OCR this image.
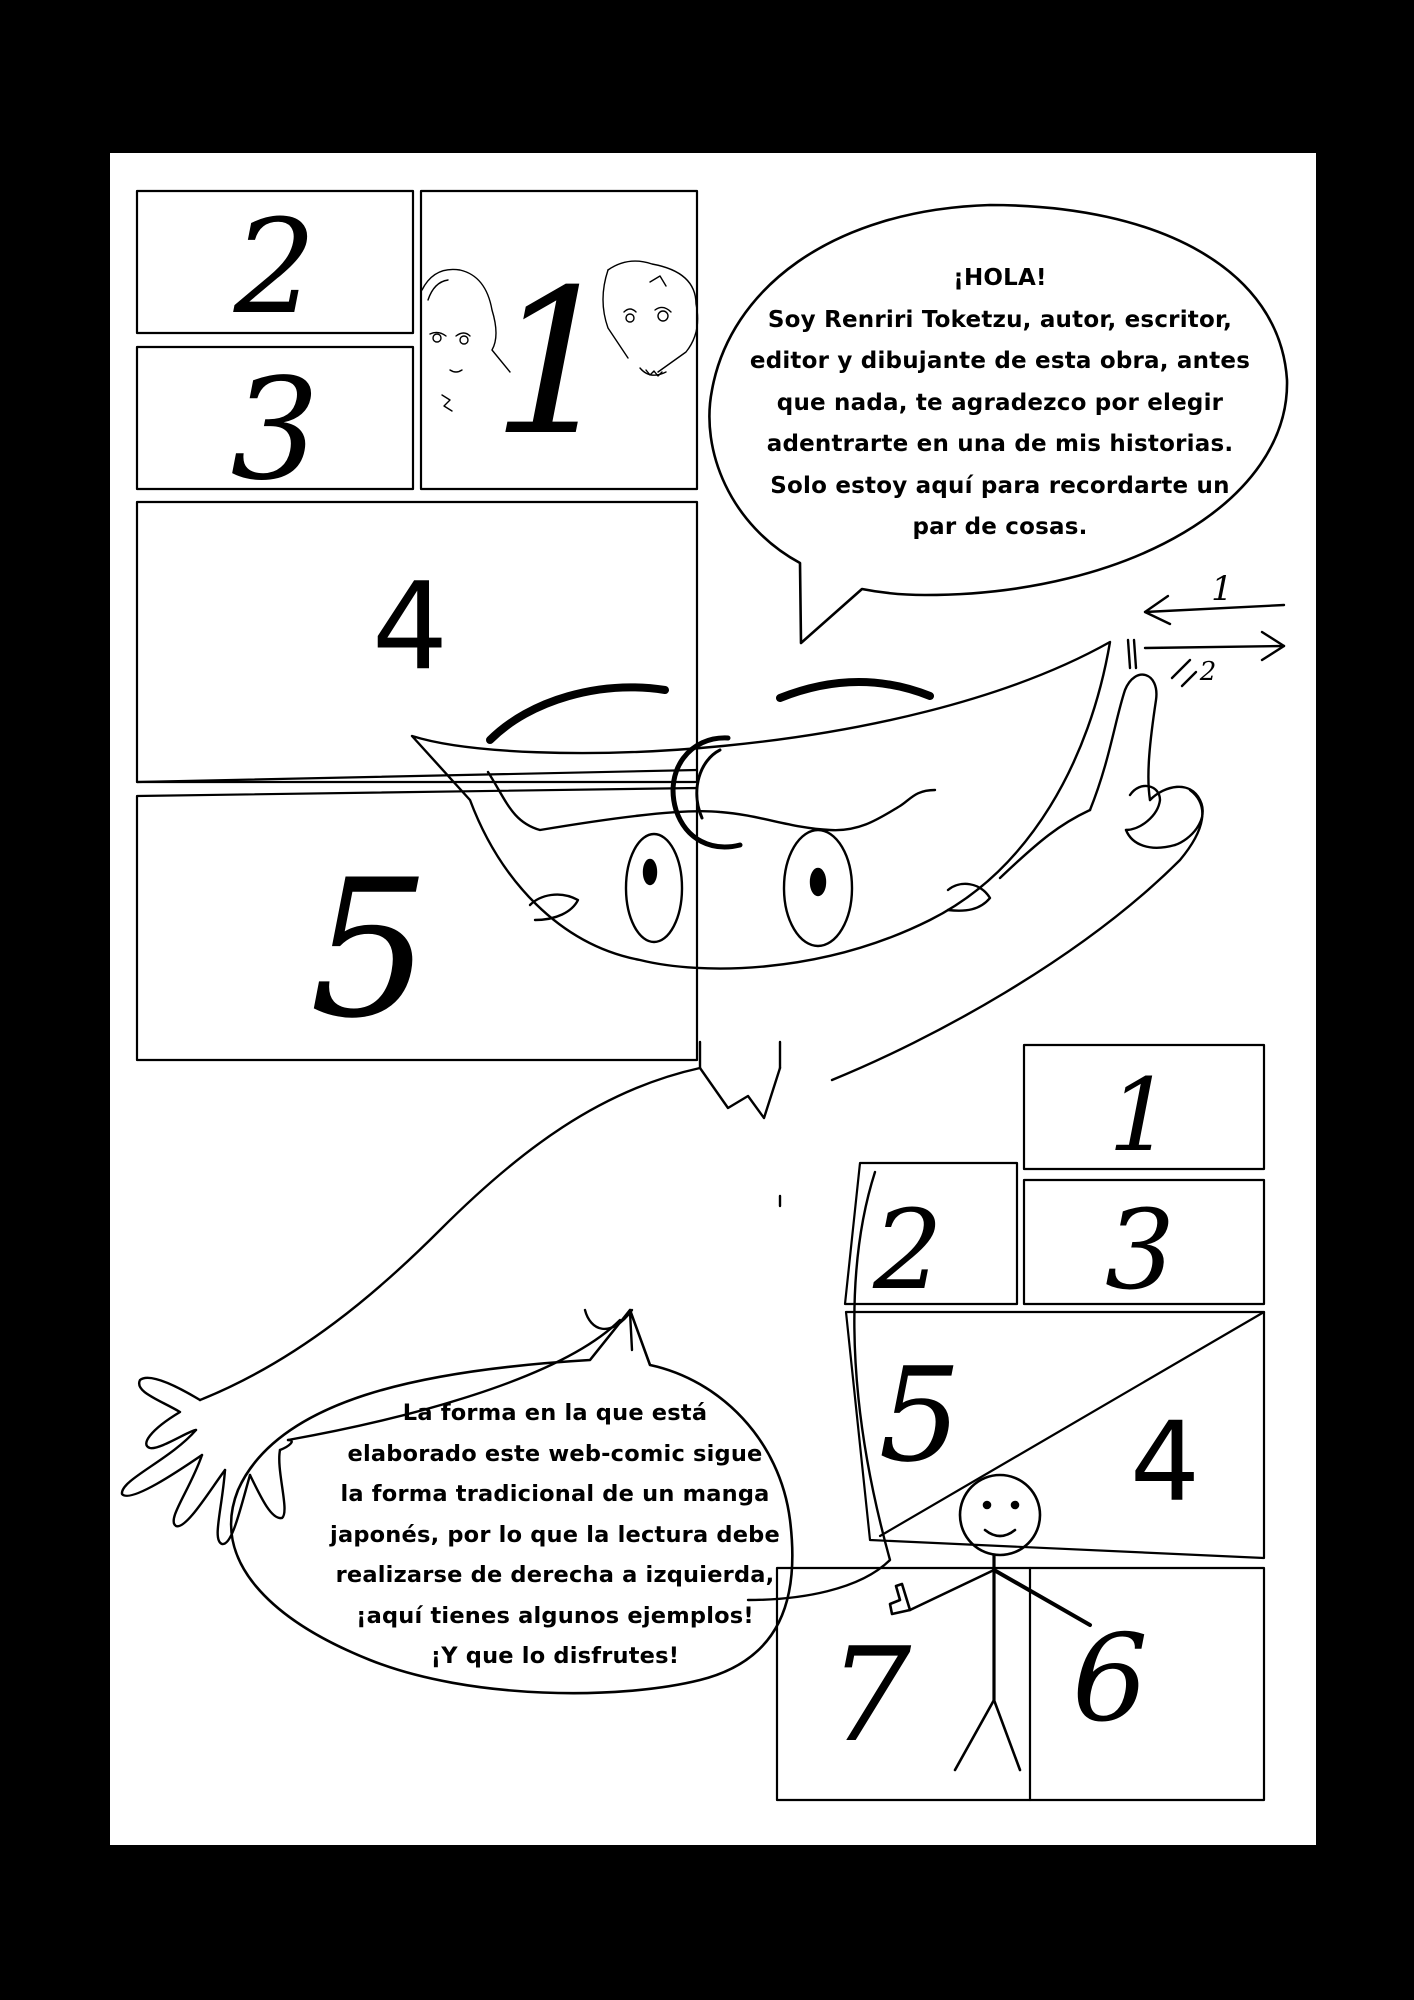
2
3 1
4
5
1
2 3
5 4
7 6
1
2
¡HOLA!
Soy Renriri Toketzu, autor, escritor,
editor y dibujante de esta obra, antes
que nada, te agradezco por elegir
adentrarte en una de mis historias.
Solo estoy aquí para recordarte un
par de cosas.
La forma en la que está
elaborado este web-comic sigue
la forma tradicional de un manga
japonés, por lo que la lectura debe
realizarse de derecha a izquierda,
¡aquí tienes algunos ejemplos!
¡Y que lo disfrutes!
